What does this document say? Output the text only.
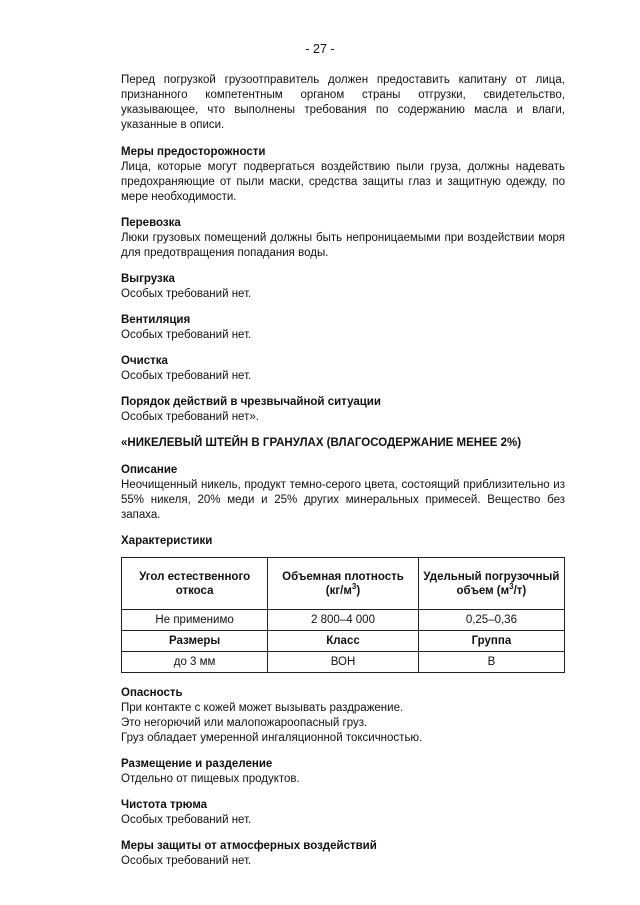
- 27 -
Перед погрузкой грузоотправитель должен предоставить капитану от лица, признанного компетентным органом страны отгрузки, свидетельство, указывающее, что выполнены требования по содержанию масла и влаги, указанные в описи.
Меры предосторожности
Лица, которые могут подвергаться воздействию пыли груза, должны надевать предохраняющие от пыли маски, средства защиты глаз и защитную одежду, по мере необходимости.
Перевозка
Люки грузовых помещений должны быть непроницаемыми при воздействии моря для предотвращения попадания воды.
Выгрузка
Особых требований нет.
Вентиляция
Особых требований нет.
Очистка
Особых требований нет.
Порядок действий в чрезвычайной ситуации
Особых требований нет».
«НИКЕЛЕВЫЙ ШТЕЙН В ГРАНУЛАХ (ВЛАГОСОДЕРЖАНИЕ МЕНЕЕ 2%)
Описание
Неочищенный никель, продукт темно-серого цвета, состоящий приблизительно из 55% никеля, 20% меди и 25% других минеральных примесей. Вещество без запаха.
Характеристики
Угол естественного откоса	Объемная плотность $(кг/м^3)$	Удельный погрузочный объем $(м^3/т)$
Не применимо	2 800–4 000	0,25–0,36
Размеры	Класс	Группа
до 3 мм	ВОН	В
Опасность
При контакте с кожей может вызывать раздражение.
Это негорючий или малопожароопасный груз.
Груз обладает умеренной ингаляционной токсичностью.
Размещение и разделение
Отдельно от пищевых продуктов.
Чистота трюма
Особых требований нет.
Меры защиты от атмосферных воздействий
Особых требований нет.
